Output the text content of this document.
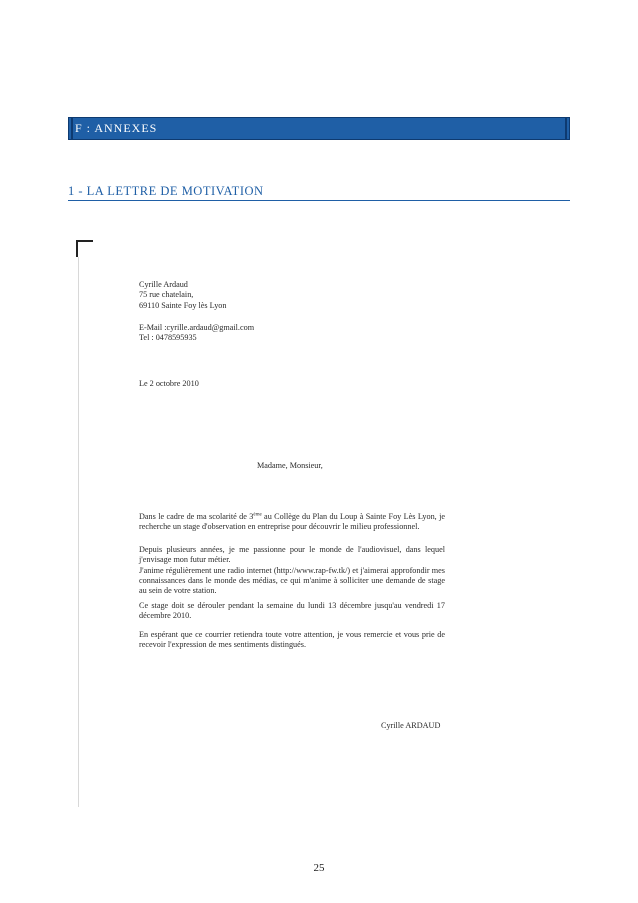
F : ANNEXES
1 - LA LETTRE DE MOTIVATION
Cyrille Ardaud
75 rue chatelain,
69110 Sainte Foy lès Lyon
E-Mail :cyrille.ardaud@gmail.com
Tel : 0478595935
Le 2 octobre 2010
Madame, Monsieur,
Dans le cadre de ma scolarité de 3ème au Collège du Plan du Loup à Sainte Foy Lès Lyon, je recherche un stage d'observation en entreprise pour découvrir le milieu professionnel.
Depuis plusieurs années, je me passionne pour le monde de l'audiovisuel, dans lequel j'envisage mon futur métier.
J'anime régulièrement une radio internet (http://www.rap-fw.tk/) et j'aimerai approfondir mes connaissances dans le monde des médias, ce qui m'anime à solliciter une demande de stage au sein de votre station.
Ce stage doit se dérouler pendant la semaine du lundi 13 décembre jusqu'au vendredi 17 décembre 2010.
En espérant que ce courrier retiendra toute votre attention, je vous remercie et vous prie de recevoir l'expression de mes sentiments distingués.
Cyrille ARDAUD
25
